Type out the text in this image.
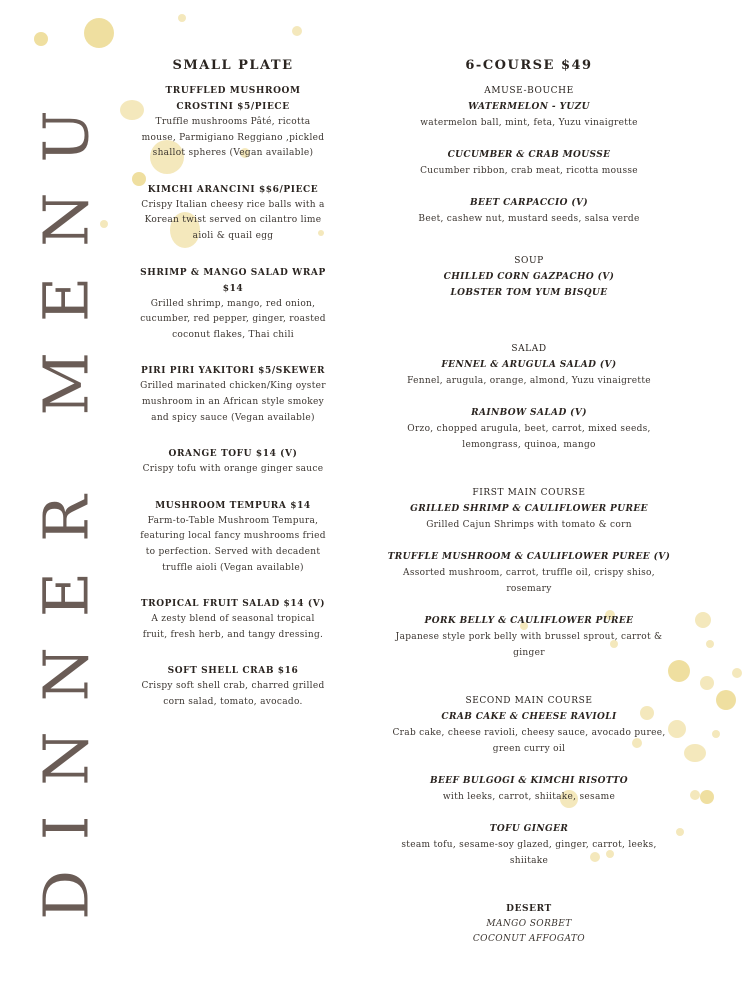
DINNER MENU
SMALL PLATE
TRUFFLED MUSHROOM CROSTINI $5/PIECE
Truffle mushrooms Pâté, ricotta mouse, Parmigiano Reggiano ,pickled shallot spheres (Vegan available)
KIMCHI ARANCINI $$6/PIECE
Crispy Italian cheesy rice balls with a Korean twist served on cilantro lime aioli & quail egg
SHRIMP & MANGO SALAD WRAP $14
Grilled shrimp, mango, red onion, cucumber, red pepper, ginger, roasted coconut flakes, Thai chili
PIRI PIRI YAKITORI $5/SKEWER
Grilled marinated chicken/King oyster mushroom in an African style smokey and spicy sauce (Vegan available)
ORANGE TOFU $14 (V)
Crispy tofu with orange ginger sauce
MUSHROOM TEMPURA $14
Farm-to-Table Mushroom Tempura, featuring local fancy mushrooms fried to perfection. Served with decadent truffle aioli (Vegan available)
TROPICAL FRUIT SALAD $14 (V)
A zesty blend of seasonal tropical fruit, fresh herb, and tangy dressing.
SOFT SHELL CRAB $16
Crispy soft shell crab, charred grilled corn salad, tomato, avocado.
6-COURSE $49
AMUSE-BOUCHE
WATERMELON - YUZU
watermelon ball, mint, feta, Yuzu vinaigrette
CUCUMBER & CRAB MOUSSE
Cucumber ribbon, crab meat, ricotta mousse
BEET CARPACCIO (V)
Beet, cashew nut, mustard seeds, salsa verde
SOUP
CHILLED CORN GAZPACHO (V)
LOBSTER TOM YUM BISQUE
SALAD
FENNEL & ARUGULA SALAD (V)
Fennel, arugula, orange, almond, Yuzu vinaigrette
RAINBOW SALAD (V)
Orzo, chopped arugula, beet, carrot, mixed seeds, lemongrass, quinoa, mango
FIRST MAIN COURSE
GRILLED SHRIMP & CAULIFLOWER PUREE
Grilled Cajun Shrimps with tomato & corn
TRUFFLE MUSHROOM & CAULIFLOWER PUREE (V)
Assorted mushroom, carrot, truffle oil, crispy shiso, rosemary
PORK BELLY & CAULIFLOWER PUREE
Japanese style pork belly with brussel sprout, carrot & ginger
SECOND MAIN COURSE
CRAB CAKE & CHEESE RAVIOLI
Crab cake, cheese ravioli, cheesy sauce, avocado puree, green curry oil
BEEF BULGOGI & KIMCHI RISOTTO
with leeks, carrot, shiitake, sesame
TOFU GINGER
steam tofu, sesame-soy glazed, ginger, carrot, leeks, shiitake
DESERT
MANGO SORBET
COCONUT AFFOGATO
